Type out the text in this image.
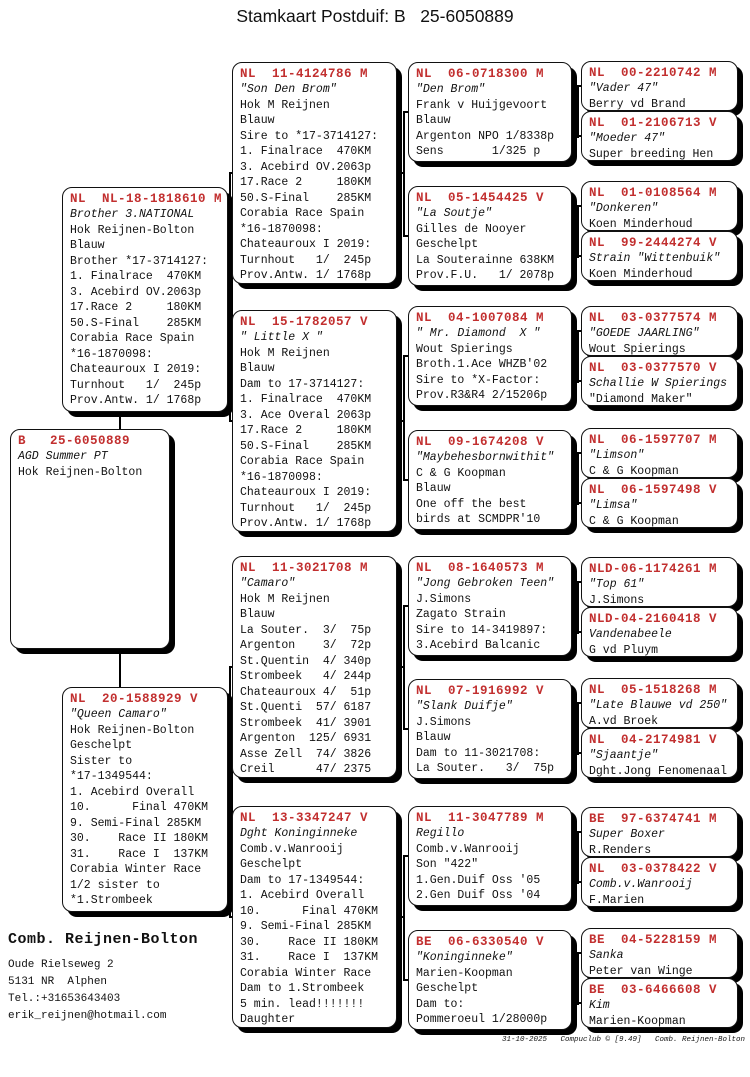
Stamkaart Postduif: B   25-6050889
B   25-6050889
AGD Summer PT
Hok Reijnen-Bolton
NL  NL-18-1818610 M
Brother 3.NATIONAL
Hok Reijnen-Bolton
Blauw
Brother *17-3714127:
1. Finalrace  470KM
3. Acebird OV.2063p
17.Race 2     180KM
50.S-Final    285KM
Corabia Race Spain
*16-1870098:
Chateauroux I 2019:
Turnhout   1/  245p
Prov.Antw. 1/ 1768p
NL  20-1588929 V
"Queen Camaro"
Hok Reijnen-Bolton
Geschelpt
Sister to
*17-1349544:
1. Acebird Overall
10.      Final 470KM
9. Semi-Final 285KM
30.    Race II 180KM
31.    Race I  137KM
Corabia Winter Race
1/2 sister to
*1.Strombeek
NL  11-4124786 M
"Son Den Brom"
Hok M Reijnen
Blauw
Sire to *17-3714127:
1. Finalrace  470KM
3. Acebird OV.2063p
17.Race 2     180KM
50.S-Final    285KM
Corabia Race Spain
*16-1870098:
Chateauroux I 2019:
Turnhout   1/  245p
Prov.Antw. 1/ 1768p
NL  15-1782057 V
" Little X "
Hok M Reijnen
Blauw
Dam to 17-3714127:
1. Finalrace  470KM
3. Ace Overal 2063p
17.Race 2     180KM
50.S-Final    285KM
Corabia Race Spain
*16-1870098:
Chateauroux I 2019:
Turnhout   1/  245p
Prov.Antw. 1/ 1768p
NL  11-3021708 M
"Camaro"
Hok M Reijnen
Blauw
La Souter.  3/  75p
Argenton    3/  72p
St.Quentin  4/ 340p
Strombeek   4/ 244p
Chateauroux 4/  51p
St.Quenti  57/ 6187
Strombeek  41/ 3901
Argenton  125/ 6931
Asse Zell  74/ 3826
Creil      47/ 2375
NL  13-3347247 V
Dght Koninginneke
Comb.v.Wanrooij
Geschelpt
Dam to 17-1349544:
1. Acebird Overall
10.      Final 470KM
9. Semi-Final 285KM
30.    Race II 180KM
31.    Race I  137KM
Corabia Winter Race
Dam to 1.Strombeek
5 min. lead!!!!!!!
Daughter
NL  06-0718300 M
"Den Brom"
Frank v Huijgevoort
Blauw
Argenton NPO 1/8338p
Sens       1/325 p
NL  05-1454425 V
"La Soutje"
Gilles de Nooyer
Geschelpt
La Souterainne 638KM
Prov.F.U.   1/ 2078p
NL  04-1007084 M
" Mr. Diamond  X "
Wout Spierings
Broth.1.Ace WHZB'02
Sire to *X-Factor:
Prov.R3&R4 2/15206p
NL  09-1674208 V
"Maybehesbornwithit"
C & G Koopman
Blauw
One off the best
birds at SCMDPR'10
NL  08-1640573 M
"Jong Gebroken Teen"
J.Simons
Zagato Strain
Sire to 14-3419897:
3.Acebird Balcanic
NL  07-1916992 V
"Slank Duifje"
J.Simons
Blauw
Dam to 11-3021708:
La Souter.   3/  75p
NL  11-3047789 M
Regillo
Comb.v.Wanrooij
Son "422"
1.Gen.Duif Oss '05
2.Gen Duif Oss '04
BE  06-6330540 V
"Koninginneke"
Marien-Koopman
Geschelpt
Dam to:
Pommeroeul 1/28000p
NL  00-2210742 M
"Vader 47"
Berry vd Brand
NL  01-2106713 V
"Moeder 47"
Super breeding Hen
NL  01-0108564 M
"Donkeren"
Koen Minderhoud
NL  99-2444274 V
Strain "Wittenbuik"
Koen Minderhoud
NL  03-0377574 M
"GOEDE JAARLING"
Wout Spierings
NL  03-0377570 V
Schallie W Spierings
"Diamond Maker"
NL  06-1597707 M
"Limson"
C & G Koopman
NL  06-1597498 V
"Limsa"
C & G Koopman
NLD-06-1174261 M
"Top 61"
J.Simons
NLD-04-2160418 V
Vandenabeele
G vd Pluym
NL  05-1518268 M
"Late Blauwe vd 250"
A.vd Broek
NL  04-2174981 V
"Sjaantje"
Dght.Jong Fenomenaal
BE  97-6374741 M
Super Boxer
R.Renders
NL  03-0378422 V
Comb.v.Wanrooij
F.Marien
BE  04-5228159 M
Sanka
Peter van Winge
BE  03-6466608 V
Kim
Marien-Koopman
Comb. Reijnen-Bolton
Oude Rielseweg 2
5131 NR  Alphen
Tel.:+31653643403
erik_reijnen@hotmail.com
31-10-2025   Compuclub © [9.49]   Comb. Reijnen-Bolton
